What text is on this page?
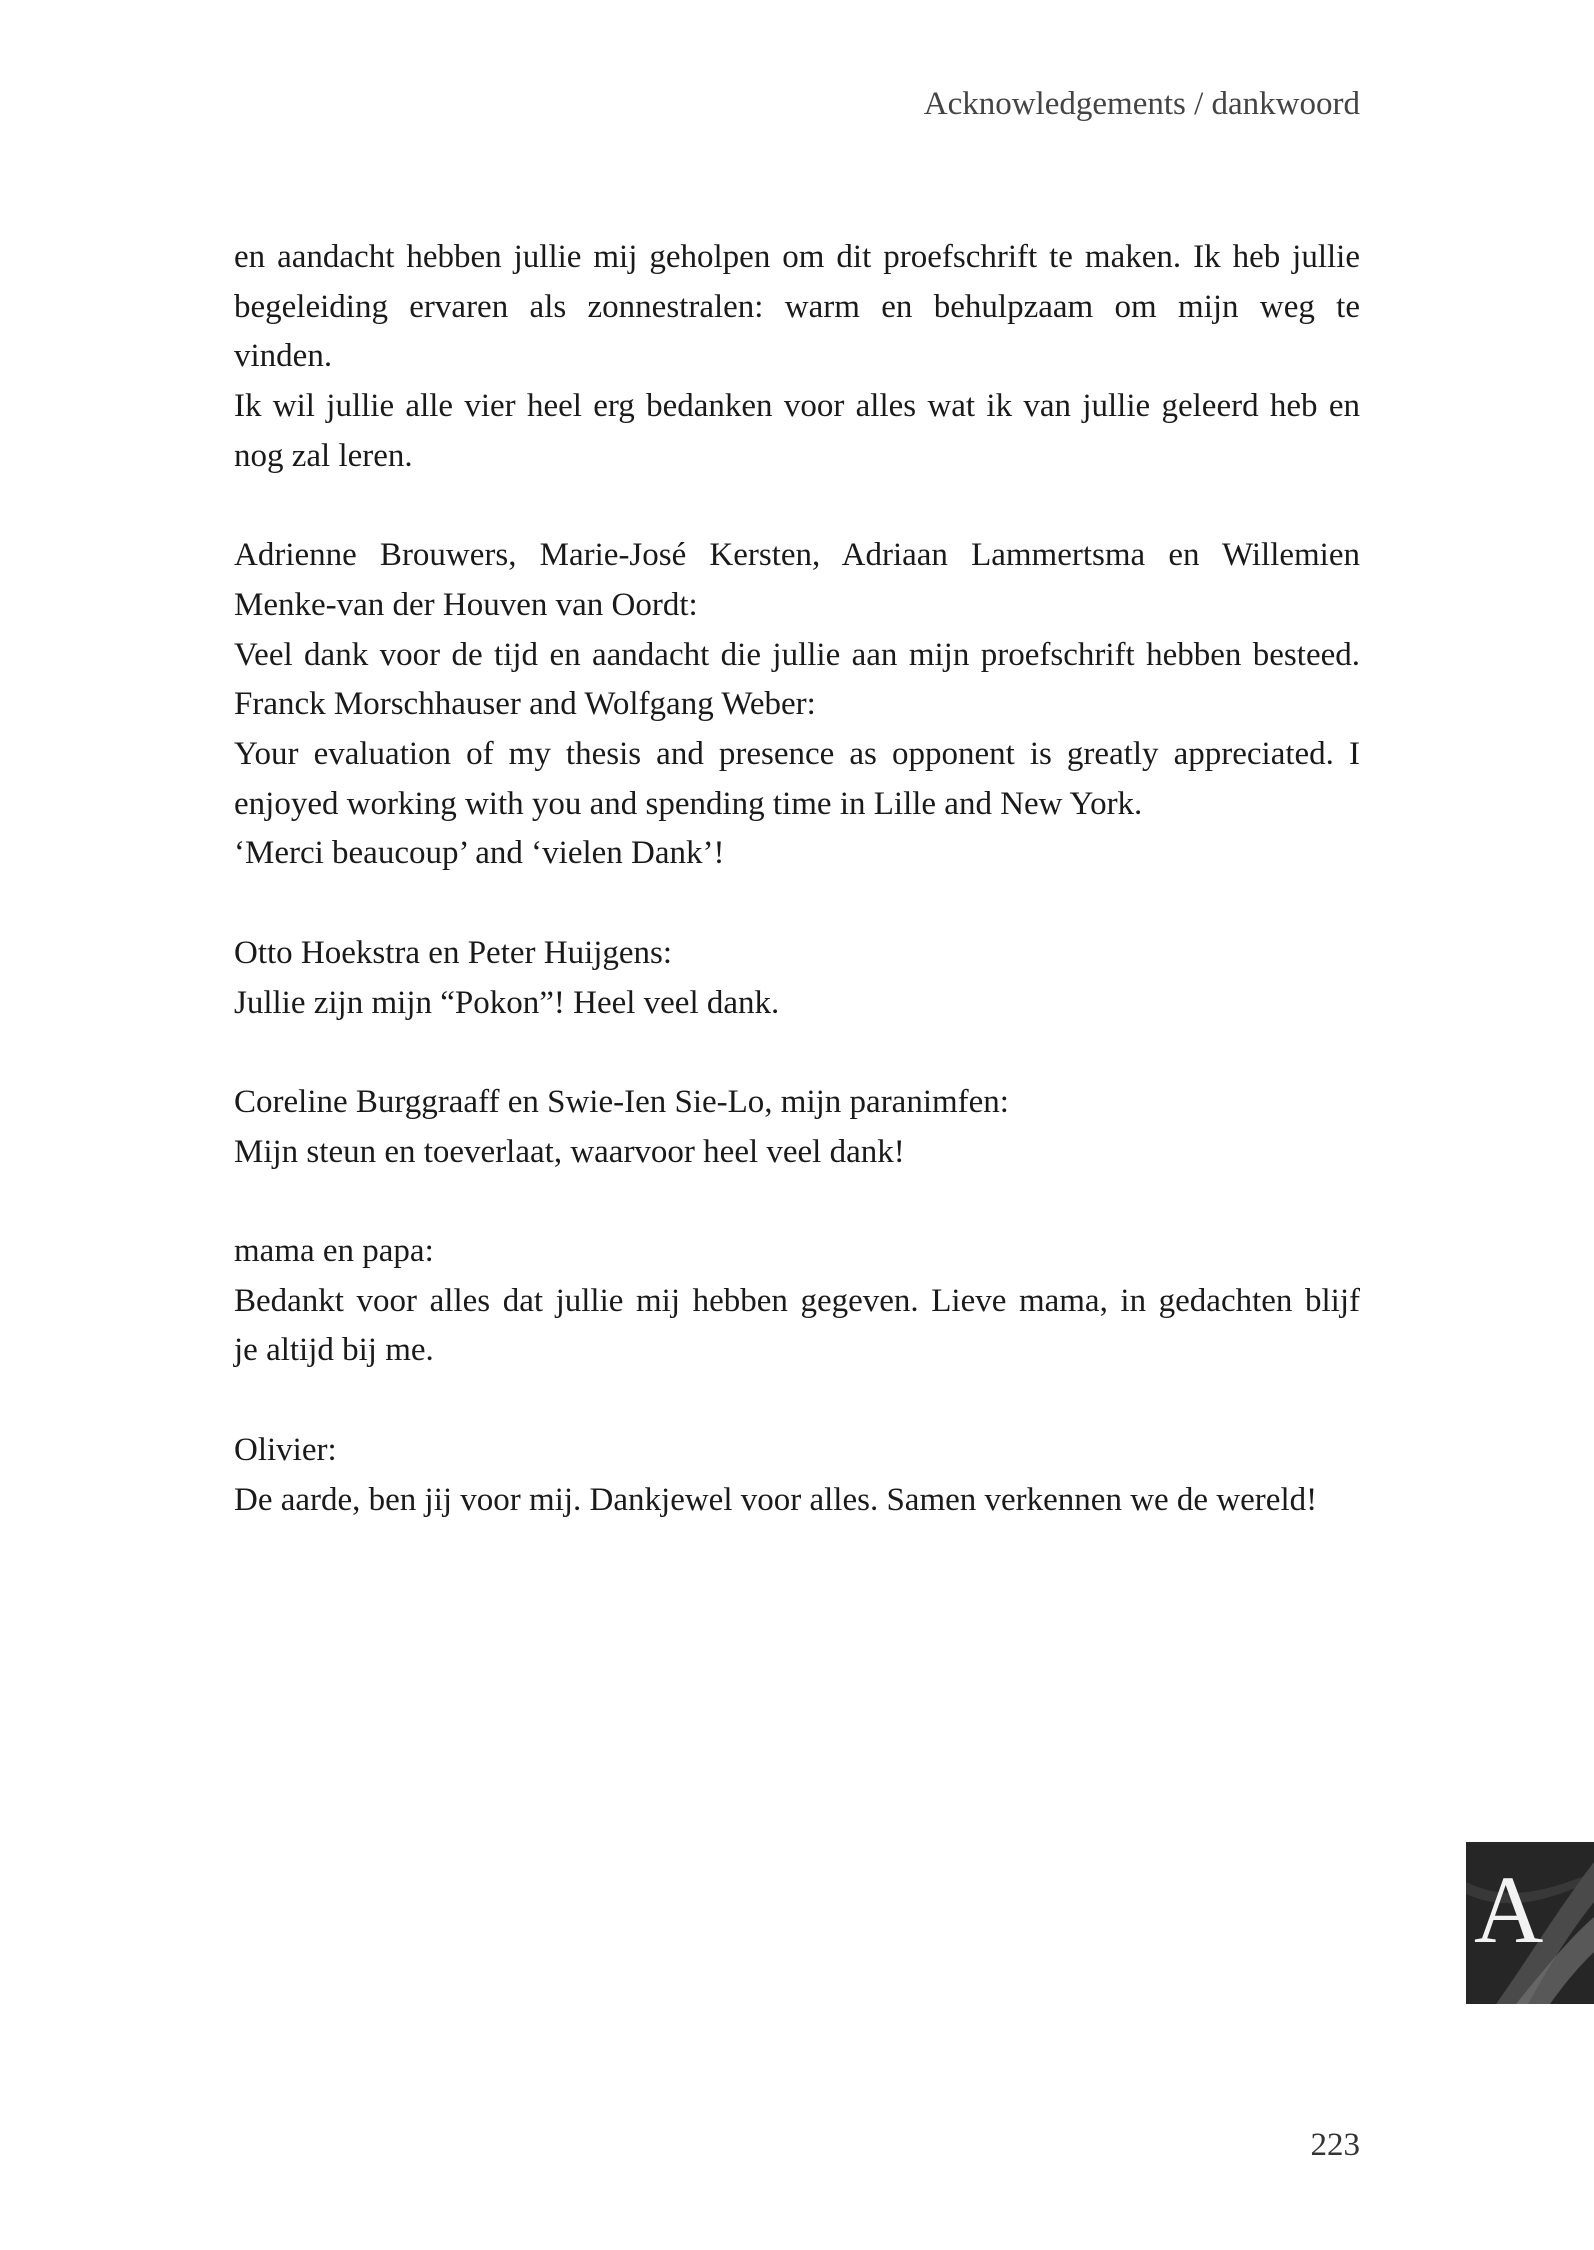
Acknowledgements / dankwoord
en aandacht hebben jullie mij geholpen om dit proefschrift te maken. Ik heb jullie
begeleiding ervaren als zonnestralen: warm en behulpzaam om mijn weg te
vinden.
Ik wil jullie alle vier heel erg bedanken voor alles wat ik van jullie geleerd heb en
nog zal leren.
Adrienne Brouwers, Marie-José Kersten, Adriaan Lammertsma en Willemien
Menke-van der Houven van Oordt:
Veel dank voor de tijd en aandacht die jullie aan mijn proefschrift hebben besteed.
Franck Morschhauser and Wolfgang Weber:
Your evaluation of my thesis and presence as opponent is greatly appreciated. I
enjoyed working with you and spending time in Lille and New York.
‘Merci beaucoup’ and ‘vielen Dank’!
Otto Hoekstra en Peter Huijgens:
Jullie zijn mijn “Pokon”! Heel veel dank.
Coreline Burggraaff en Swie-Ien Sie-Lo, mijn paranimfen:
Mijn steun en toeverlaat, waarvoor heel veel dank!
mama en papa:
Bedankt voor alles dat jullie mij hebben gegeven. Lieve mama, in gedachten blijf
je altijd bij me.
Olivier:
De aarde, ben jij voor mij. Dankjewel voor alles. Samen verkennen we de wereld!
A
223
